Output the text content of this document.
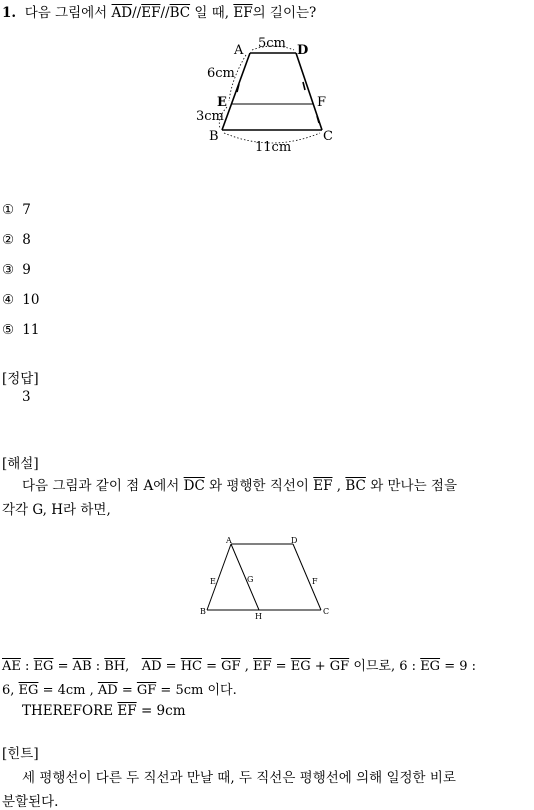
1. 다음 그림에서 $\overline{AD}//\overline{EF}//\overline{BC}$ 일 때, $\overline{EF}$의 길이는?
A	D
5cm
6cm
E	F
3cm
B	C
11cm
① 7
② 8
③ 9
④ 10
⑤ 11
[정답]
3
[해설]
다음 그림과 같이 점 A에서 $\overline{DC}$ 와 평행한 직선이 $\overline{EF}$ , $\overline{BC}$ 와 만나는 점을
각각 G, H라 하면,
A	D
E	G	F
B
H
C
$\overline{AE}$ : $\overline{EG} = \overline{AB}$ : $\overline{BH}$, $\overline{AD} = \overline{HC} = \overline{GF}$ , $\overline{EF} = \overline{EG} + \overline{GF}$ 이므로, 6 : $\overline{EG} = 9$ :
6, $\overline{EG} = 4cm$ , $\overline{AD} = \overline{GF} = 5cm$ 이다.
THEREFORE $\overline{EF} = 9cm$
[힌트]
세 평행선이 다른 두 직선과 만날 때, 두 직선은 평행선에 의해 일정한 비로
분할된다.
